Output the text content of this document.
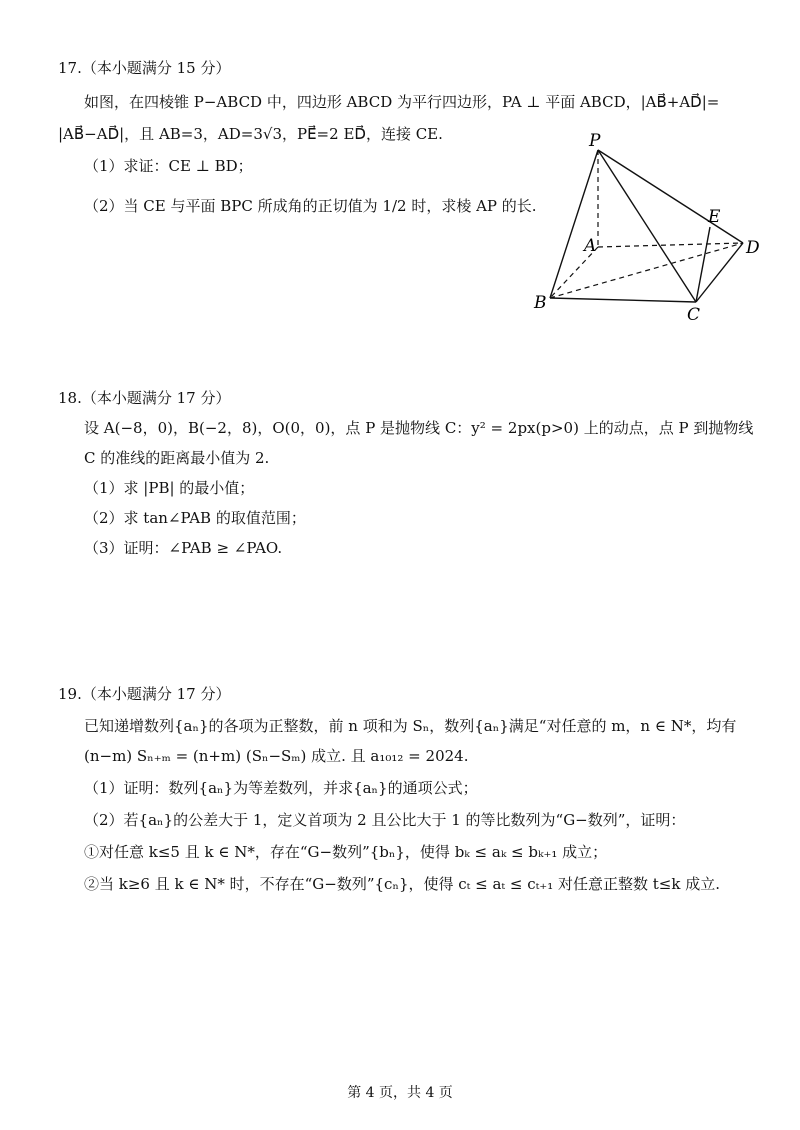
17.（本小题满分 15 分）
如图，在四棱锥 P−ABCD 中，四边形 ABCD 为平行四边形，PA ⊥ 平面 ABCD，|AB⃗+AD⃗|=
|AB⃗−AD⃗|，且 AB=3，AD=3√3，PE⃗=2 ED⃗，连接 CE.
（1）求证：CE ⊥ BD；
（2）当 CE 与平面 BPC 所成角的正切值为 1/2 时，求棱 AP 的长.
P
A
B
C
D
E
18.（本小题满分 17 分）
设 A(−8，0)，B(−2，8)，O(0，0)，点 P 是抛物线 C：y² = 2px(p>0) 上的动点，点 P 到抛物线
C 的准线的距离最小值为 2.
（1）求 |PB| 的最小值；
（2）求 tan∠PAB 的取值范围；
（3）证明：∠PAB ≥ ∠PAO.
19.（本小题满分 17 分）
已知递增数列{aₙ}的各项为正整数，前 n 项和为 Sₙ，数列{aₙ}满足“对任意的 m，n ∈ N*，均有
(n−m) Sₙ₊ₘ = (n+m) (Sₙ−Sₘ) 成立. 且 a₁₀₁₂ = 2024.
（1）证明：数列{aₙ}为等差数列，并求{aₙ}的通项公式；
（2）若{aₙ}的公差大于 1，定义首项为 2 且公比大于 1 的等比数列为“G−数列”，证明：
①对任意 k≤5 且 k ∈ N*，存在“G−数列”{bₙ}，使得 bₖ ≤ aₖ ≤ bₖ₊₁ 成立；
②当 k≥6 且 k ∈ N* 时，不存在“G−数列”{cₙ}，使得 cₜ ≤ aₜ ≤ cₜ₊₁ 对任意正整数 t≤k 成立.
第 4 页，共 4 页
